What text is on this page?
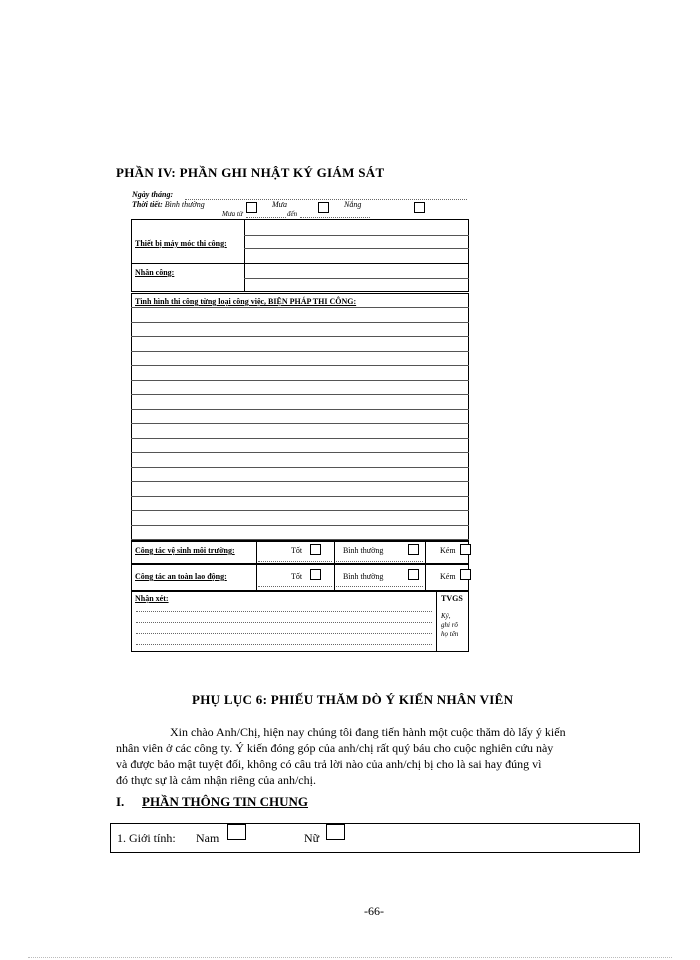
PHẦN IV: PHẦN GHI NHẬT KÝ GIÁM SÁT
Ngày tháng:
Thời tiết: Bình thường	Mưa	Nắng
Mưa từ	đến
Thiết bị máy móc thi công:
Nhân công:
Tình hình thi công từng loại công việc, BIỆN PHÁP THI CÔNG:
Công tác vệ sinh môi trường:	Tốt	Bình thường	Kém
Công tác an toàn lao động:	Tốt	Bình thường	Kém
Nhận xét:	TVGS
Ký,
ghi rõ
họ tên
PHỤ LỤC 6: PHIẾU THĂM DÒ Ý KIẾN NHÂN VIÊN
Xin chào Anh/Chị, hiện nay chúng tôi đang tiến hành một cuộc thăm dò lấy ý kiến
nhân viên ở các công ty. Ý kiến đóng góp của anh/chị rất quý báu cho cuộc nghiên cứu này
và được bảo mật tuyệt đối, không có câu trả lời nào của anh/chị bị cho là sai hay đúng vì
đó thực sự là cảm nhận riêng của anh/chị.
I. PHẦN THÔNG TIN CHUNG
1. Giới tính: Nam	Nữ
-66-
